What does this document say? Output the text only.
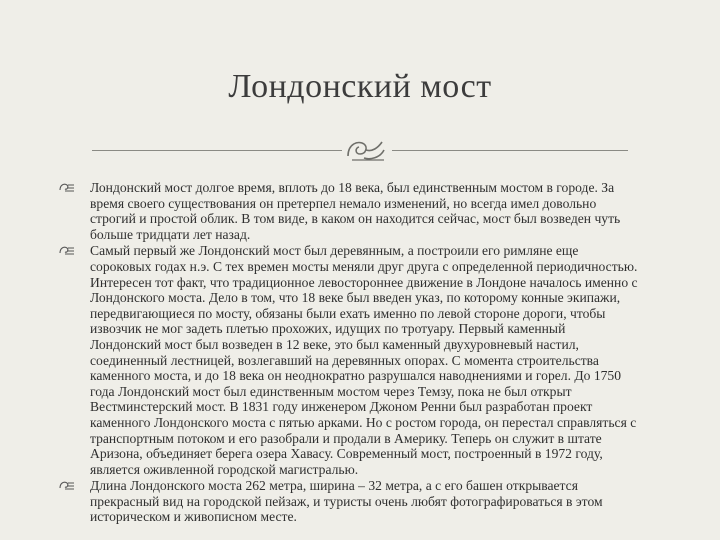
Лондонский мост
Лондонский мост долгое время, вплоть до 18 века, был единственным мостом в городе. За время своего существования он претерпел немало изменений, но всегда имел довольно строгий и простой облик. В том виде, в каком он находится сейчас, мост был возведен чуть больше тридцати лет назад.
Самый первый же Лондонский мост был деревянным, а построили его римляне еще сороковых годах н.э. С тех времен мосты меняли друг друга с определенной периодичностью. Интересен тот факт, что традиционное левостороннее движение в Лондоне началось именно с Лондонского моста. Дело в том, что 18 веке был введен указ, по которому конные экипажи, передвигающиеся по мосту, обязаны были ехать именно по левой стороне дороги, чтобы извозчик не мог задеть плетью прохожих, идущих по тротуару. Первый каменный Лондонский мост был возведен в 12 веке, это был каменный двухуровневый настил, соединенный лестницей, возлегавший на деревянных опорах. С момента строительства каменного моста, и до 18 века он неоднократно разрушался наводнениями и горел. До 1750 года Лондонский мост был единственным мостом через Темзу, пока не был открыт Вестминстерский мост. В 1831 году инженером Джоном Ренни был разработан проект каменного Лондонского моста с пятью арками. Но с ростом города, он перестал справляться с транспортным потоком и его разобрали и продали в Америку. Теперь он служит в штате Аризона, объединяет берега озера Хавасу. Современный мост, построенный в 1972 году, является оживленной городской магистралью.
Длина Лондонского моста 262 метра, ширина – 32 метра, а с его башен открывается прекрасный вид на городской пейзаж, и туристы очень любят фотографироваться в этом историческом и живописном месте.
